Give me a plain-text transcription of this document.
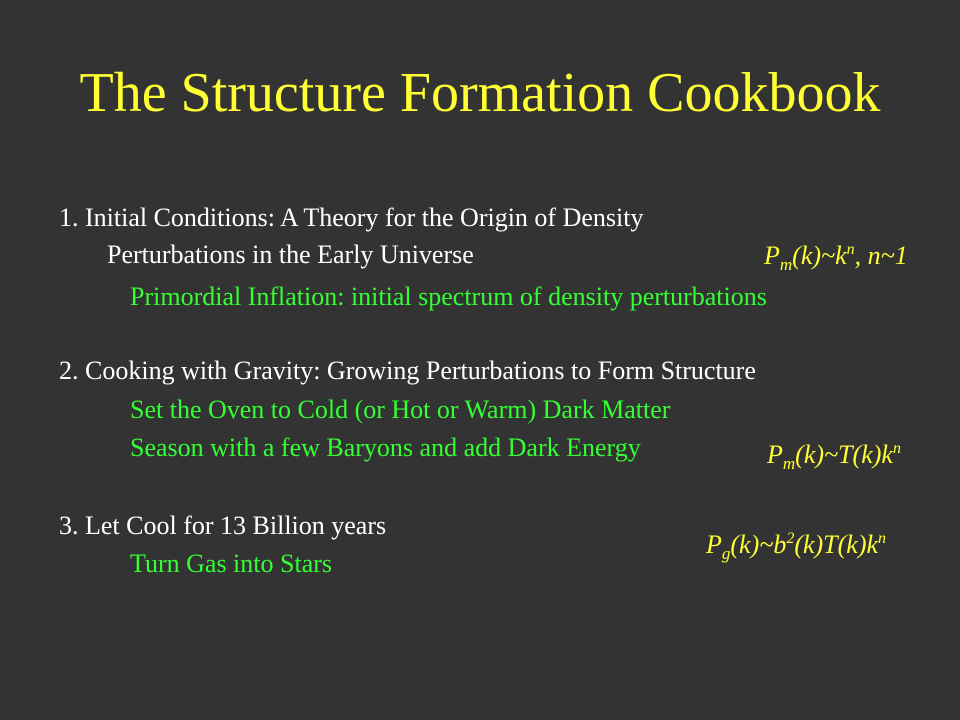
The Structure Formation Cookbook
1. Initial Conditions: A Theory for the Origin of Density
Perturbations in the Early Universe
Primordial Inflation: initial spectrum of density perturbations
2. Cooking with Gravity: Growing Perturbations to Form Structure
Set the Oven to Cold (or Hot or Warm) Dark Matter
Season with a few Baryons and add Dark Energy
3. Let Cool for 13 Billion years
Turn Gas into Stars
$P_m(k)\sim k^n$, n~1
$P_m(k)\sim T(k)k^n$
$P_g(k)\sim b^2(k)T(k)k^n$
